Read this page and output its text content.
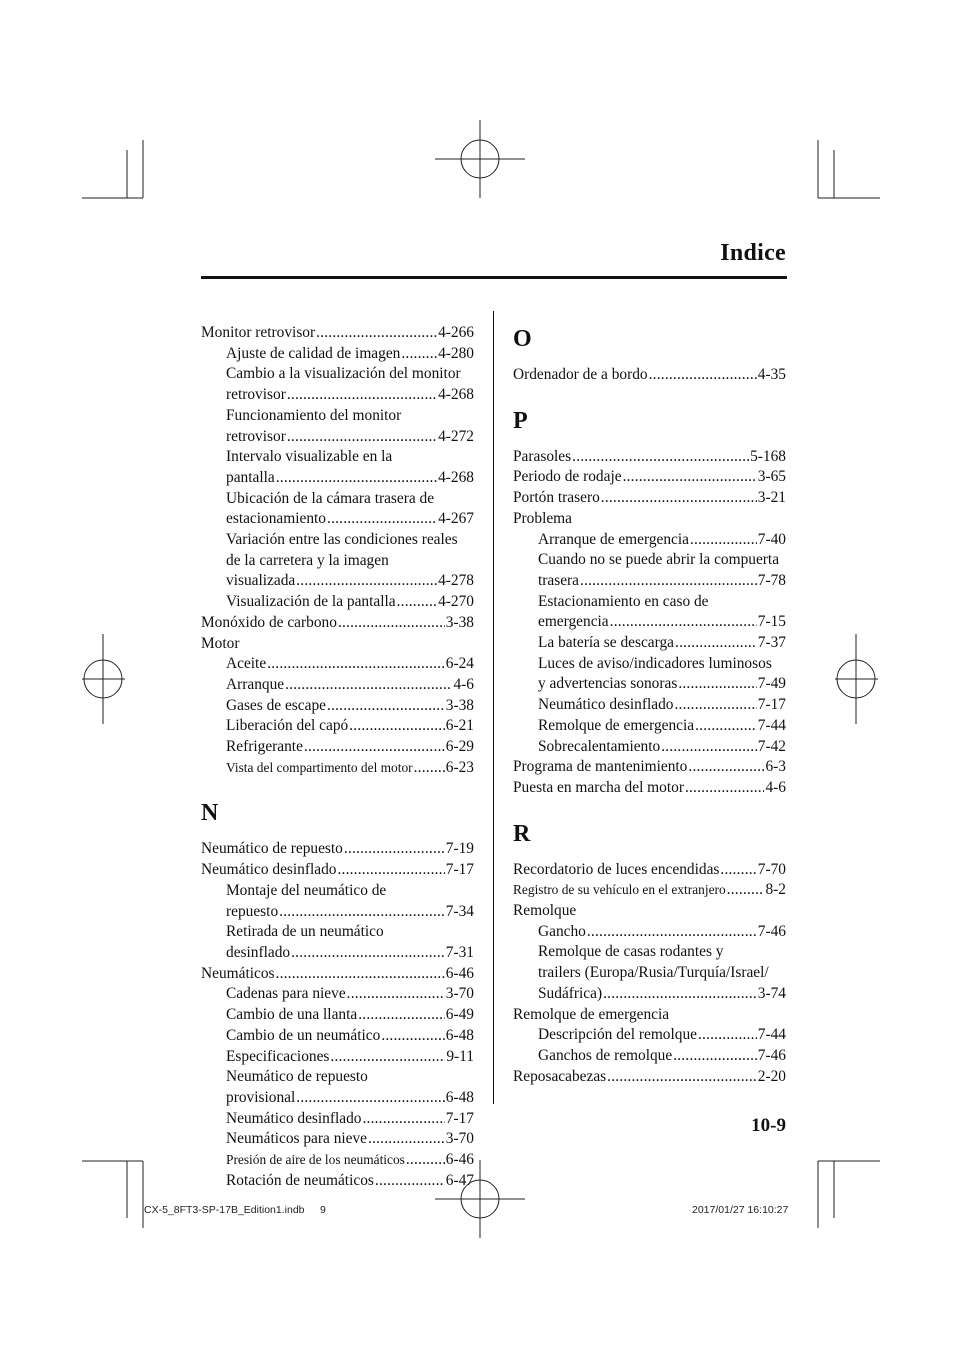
Indice
Monitor retrovisor .....	4-266
Ajuste de calidad de imagen ..... 4-280
Cambio a la visualización del monitor
retrovisor .....	4-268
Funcionamiento del monitor
retrovisor .....	4-272
Intervalo visualizable en la
pantalla .....	4-268
Ubicación de la cámara trasera de
estacionamiento .....	4-267
Variación entre las condiciones reales
de la carretera y la imagen
visualizada .....	4-278
Visualización de la pantalla .....	4-270
Monóxido de carbono .....	3-38
Motor
Aceite .....	6-24
Arranque .....	4-6
Gases de escape .....	3-38
Liberación del capó .....	6-21
Refrigerante .....	6-29
Vista del compartimento del motor ..... 6-23
N
Neumático de repuesto .....	7-19
Neumático desinflado .....	7-17
Montaje del neumático de
repuesto .....	7-34
Retirada de un neumático
desinflado .....	7-31
Neumáticos .....	6-46
Cadenas para nieve .....	3-70
Cambio de una llanta .....	6-49
Cambio de un neumático .....	6-48
Especificaciones .....	9-11
Neumático de repuesto
provisional .....	6-48
Neumático desinflado .....	7-17
Neumáticos para nieve .....	3-70
Presión de aire de los neumáticos .....	6-46
Rotación de neumáticos .....	6-47
O
Ordenador de a bordo .....	4-35
P
Parasoles .....	5-168
Periodo de rodaje .....	3-65
Portón trasero .....	3-21
Problema
Arranque de emergencia .....	7-40
Cuando no se puede abrir la compuerta
trasera .....	7-78
Estacionamiento en caso de
emergencia .....	7-15
La batería se descarga .....	7-37
Luces de aviso/indicadores luminosos
y advertencias sonoras .....	7-49
Neumático desinflado .....	7-17
Remolque de emergencia .....	7-44
Sobrecalentamiento .....	7-42
Programa de mantenimiento .....	6-3
Puesta en marcha del motor .....	4-6
R
Recordatorio de luces encendidas ..... 7-70
Registro de su vehículo en el extranjero .....	8-2
Remolque
Gancho .....	7-46
Remolque de casas rodantes y
trailers (Europa/Rusia/Turquía/Israel/
Sudáfrica) .....	3-74
Remolque de emergencia
Descripción del remolque .....	7-44
Ganchos de remolque .....	7-46
Reposacabezas .....	2-20
10-9
CX-5_8FT3-SP-17B_Edition1.indb 9	2017/01/27 16:10:27
